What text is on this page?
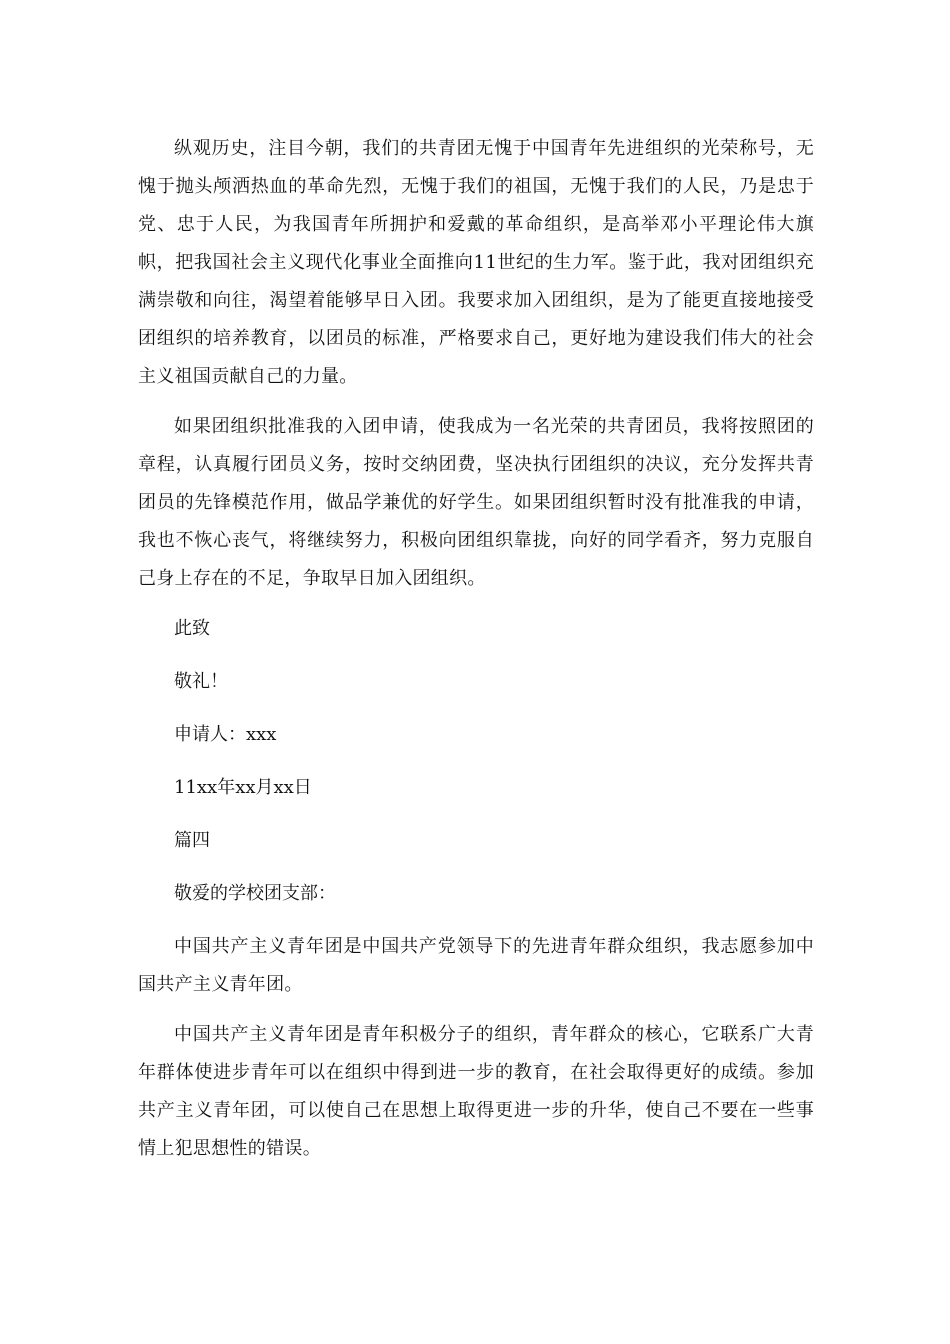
纵观历史，注目今朝，我们的共青团无愧于中国青年先进组织的光荣称号，无愧于抛头颅洒热血的革命先烈，无愧于我们的祖国，无愧于我们的人民，乃是忠于党、忠于人民，为我国青年所拥护和爱戴的革命组织，是高举邓小平理论伟大旗帜，把我国社会主义现代化事业全面推向11世纪的生力军。鉴于此，我对团组织充满崇敬和向往，渴望着能够早日入团。我要求加入团组织，是为了能更直接地接受团组织的培养教育，以团员的标准，严格要求自己，更好地为建设我们伟大的社会主义祖国贡献自己的力量。

如果团组织批准我的入团申请，使我成为一名光荣的共青团员，我将按照团的章程，认真履行团员义务，按时交纳团费，坚决执行团组织的决议，充分发挥共青团员的先锋模范作用，做品学兼优的好学生。如果团组织暂时没有批准我的申请，我也不恢心丧气，将继续努力，积极向团组织靠拢，向好的同学看齐，努力克服自己身上存在的不足，争取早日加入团组织。

此致

敬礼！

申请人：xxx

11xx年xx月xx日

篇四

敬爱的学校团支部：

中国共产主义青年团是中国共产党领导下的先进青年群众组织，我志愿参加中国共产主义青年团。

中国共产主义青年团是青年积极分子的组织，青年群众的核心，它联系广大青年群体使进步青年可以在组织中得到进一步的教育，在社会取得更好的成绩。参加共产主义青年团，可以使自己在思想上取得更进一步的升华，使自己不要在一些事情上犯思想性的错误。
